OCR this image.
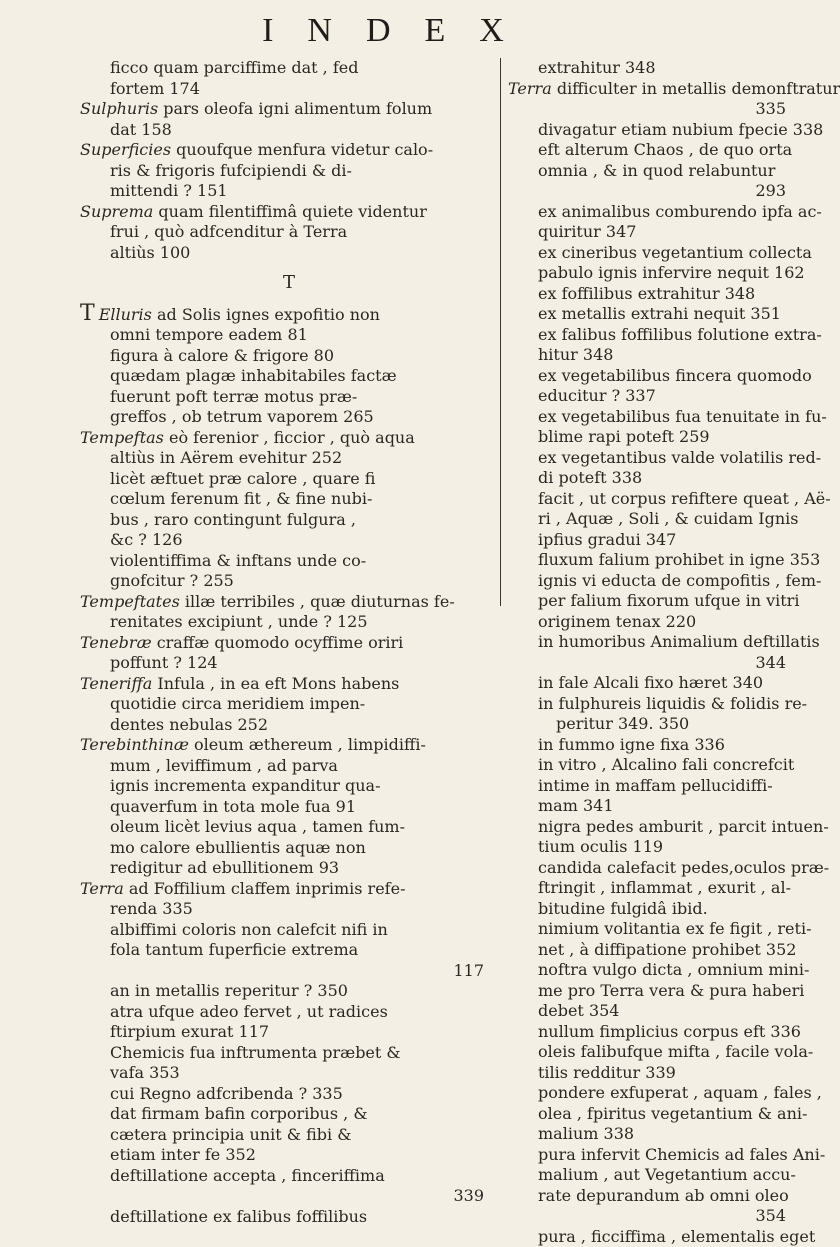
INDEX
ficco quam parciffime dat , fed
fortem 174
Sulphuris pars oleofa igni alimentum folum
dat 158
Superficies quoufque menfura videtur calo-
ris & frigoris fufcipiendi & di-
mittendi ? 151
Suprema quam filentiffimâ quiete videntur
frui , quò adfcenditur à Terra
altiùs 100
T
T Elluris ad Solis ignes expofitio non
omni tempore eadem 81
figura à calore & frigore 80
quædam plagæ inhabitabiles factæ
fuerunt poft terræ motus præ-
greffos , ob tetrum vaporem 265
Tempeftas eò ferenior , ficcior , quò aqua
altiùs in Aërem evehitur 252
licèt æftuet præ calore , quare fi
cœlum ferenum fit , & fine nubi-
bus , raro contingunt fulgura ,
&c ? 126
violentiffima & inftans unde co-
gnofcitur ? 255
Tempeftates illæ terribiles , quæ diuturnas fe-
renitates excipiunt , unde ? 125
Tenebræ craffæ quomodo ocyffime oriri
poffunt ? 124
Teneriffa Infula , in ea eft Mons habens
quotidie circa meridiem impen-
dentes nebulas 252
Terebinthinæ oleum æthereum , limpidiffi-
mum , leviffimum , ad parva
ignis incrementa expanditur qua-
quaverfum in tota mole fua 91
oleum licèt levius aqua , tamen fum-
mo calore ebullientis aquæ non
redigitur ad ebullitionem 93
Terra ad Foffilium claffem inprimis refe-
renda 335
albiffimi coloris non calefcit nifi in
fola tantum fuperficie extrema
117
an in metallis reperitur ? 350
atra ufque adeo fervet , ut radices
ftirpium exurat 117
Chemicis fua inftrumenta præbet &
vafa 353
cui Regno adfcribenda ? 335
dat firmam bafin corporibus , &
cætera principia unit & fibi &
etiam inter fe 352
deftillatione accepta , finceriffima
339
deftillatione ex falibus foffilibus
extrahitur 348
Terra difficulter in metallis demonftratur
335
divagatur etiam nubium fpecie 338
eft alterum Chaos , de quo orta
omnia , & in quod relabuntur
293
ex animalibus comburendo ipfa ac-
quiritur 347
ex cineribus vegetantium collecta
pabulo ignis infervire nequit 162
ex foffilibus extrahitur 348
ex metallis extrahi nequit 351
ex falibus foffilibus folutione extra-
hitur 348
ex vegetabilibus fincera quomodo
educitur ? 337
ex vegetabilibus fua tenuitate in fu-
blime rapi poteft 259
ex vegetantibus valde volatilis red-
di poteft 338
facit , ut corpus refiftere queat , Aë-
ri , Aquæ , Soli , & cuidam Ignis
ipfius gradui 347
fluxum falium prohibet in igne 353
ignis vi educta de compofitis , fem-
per falium fixorum ufque in vitri
originem tenax 220
in humoribus Animalium deftillatis
344
in fale Alcali fixo hæret 340
in fulphureis liquidis & folidis re-
peritur 349. 350
in fummo igne fixa 336
in vitro , Alcalino fali concrefcit
intime in maffam pellucidiffi-
mam 341
nigra pedes amburit , parcit intuen-
tium oculis 119
candida calefacit pedes,oculos præ-
ftringit , inflammat , exurit , al-
bitudine fulgidâ ibid.
nimium volitantia ex fe figit , reti-
net , à diffipatione prohibet 352
noftra vulgo dicta , omnium mini-
me pro Terra vera & pura haberi
debet 354
nullum fimplicius corpus eft 336
oleis falibufque mifta , facile vola-
tilis redditur 339
pondere exfuperat , aquam , fales ,
olea , fpiritus vegetantium & ani-
malium 338
pura infervit Chemicis ad fales Ani-
malium , aut Vegetantium accu-
rate depurandum ab omni oleo
354
pura , ficciffima , elementalis eget
